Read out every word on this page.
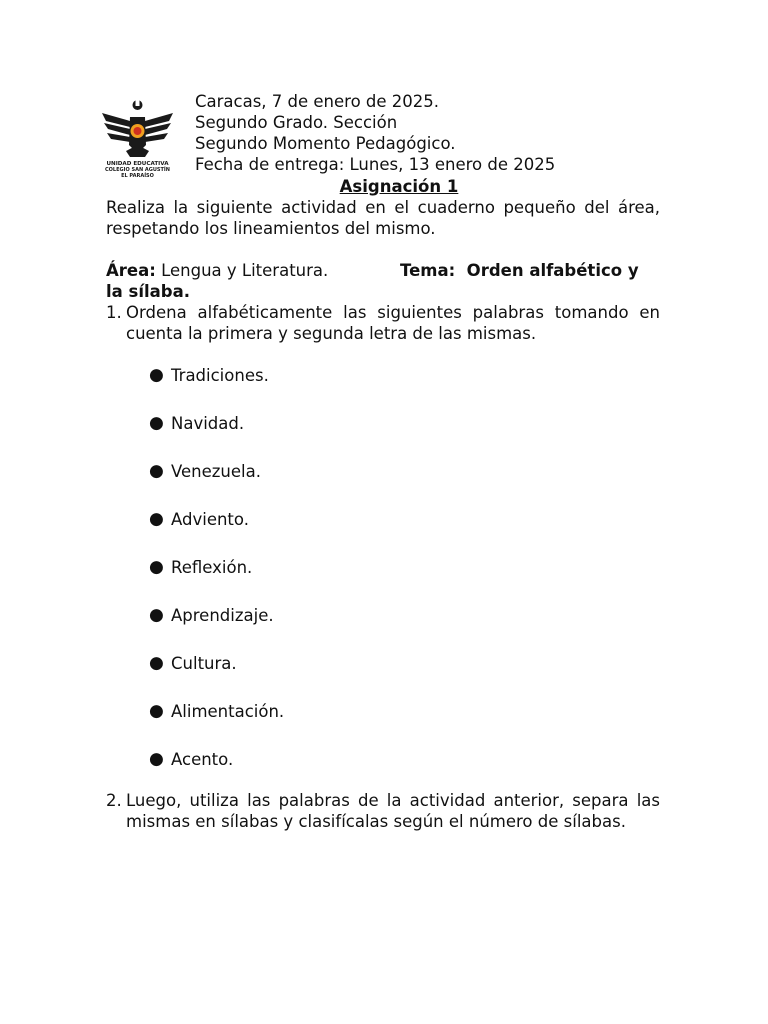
UNIDAD EDUCATIVA
COLEGIO SAN AGUSTÍN
EL PARAÍSO
Caracas, 7 de enero de 2025.
Segundo Grado. Sección
Segundo Momento Pedagógico.
Fecha de entrega: Lunes, 13 enero de 2025
Asignación 1
Realiza la siguiente actividad en el cuaderno pequeño del área, respetando los lineamientos del mismo.
Área: Lengua y Literatura.	Tema:  Orden alfabético y
la sílaba.
1. Ordena alfabéticamente las siguientes palabras tomando en cuenta la primera y segunda letra de las mismas.
● Tradiciones.
● Navidad.
● Venezuela.
● Adviento.
● Reflexión.
● Aprendizaje.
● Cultura.
● Alimentación.
● Acento.
2. Luego, utiliza las palabras de la actividad anterior, separa las mismas en sílabas y clasifícalas según el número de sílabas.
